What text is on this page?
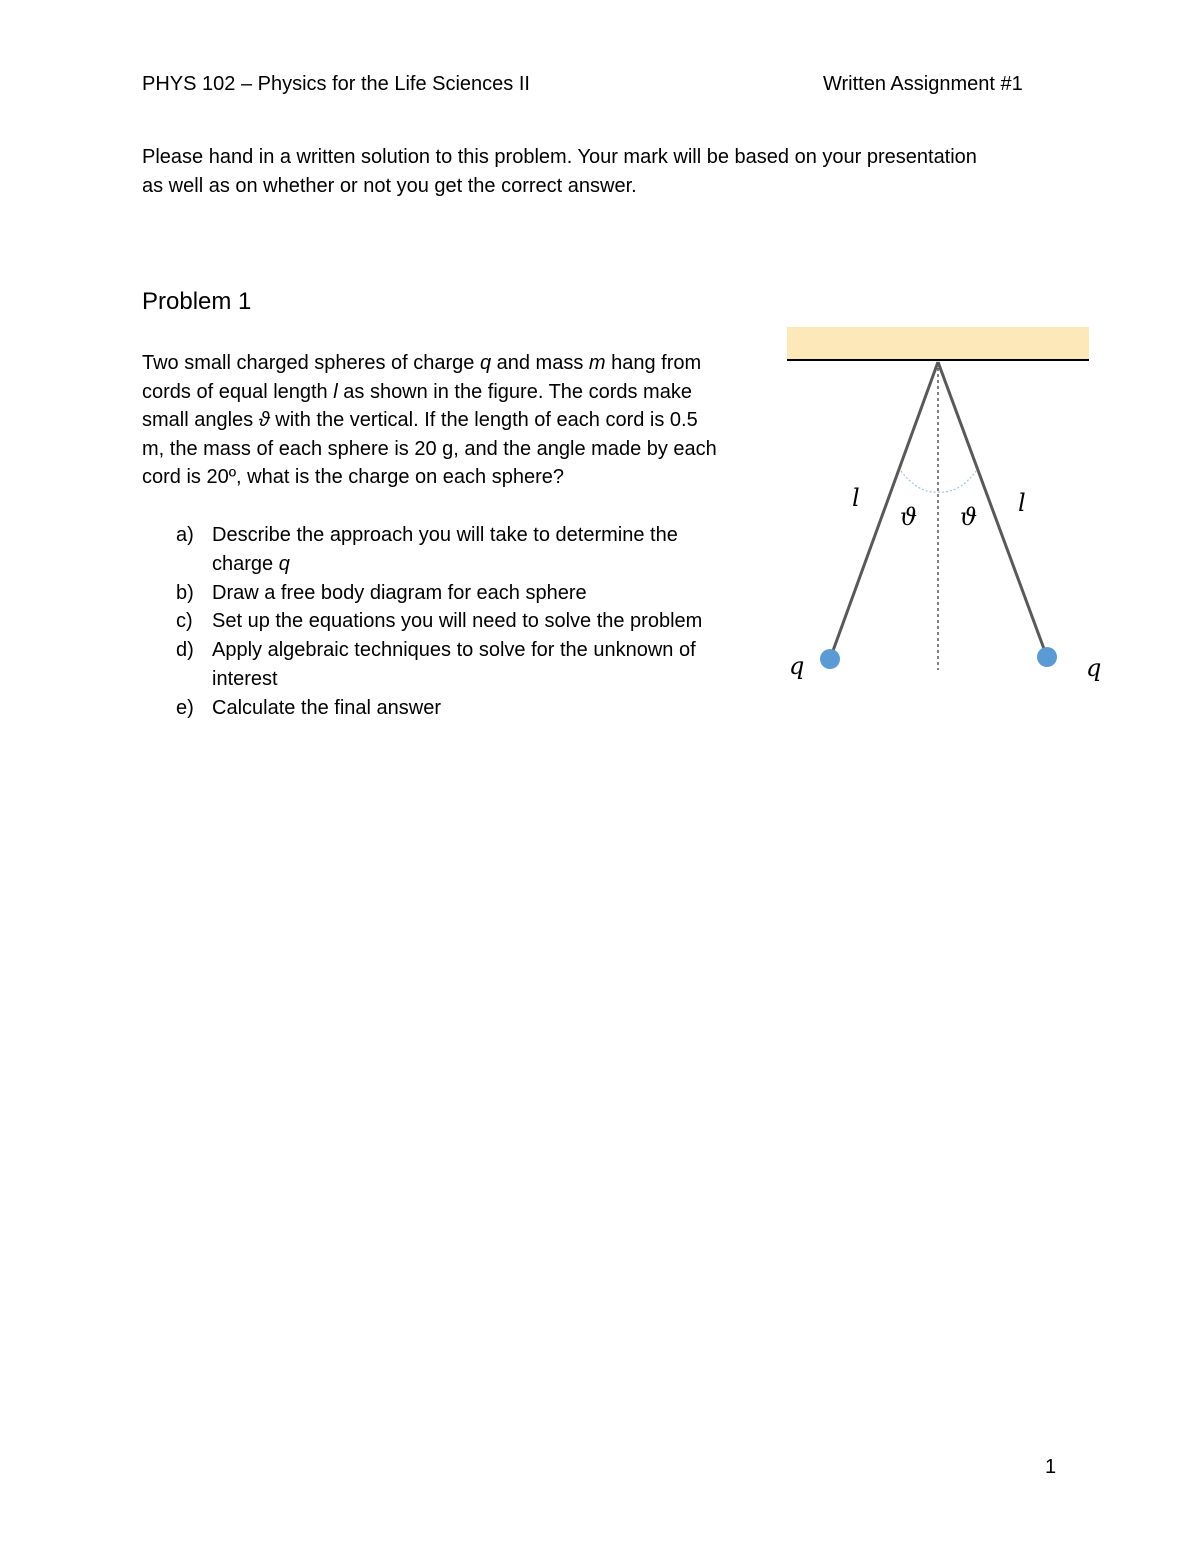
PHYS 102 – Physics for the Life Sciences II	Written Assignment #1
Please hand in a written solution to this problem. Your mark will be based on your presentation
as well as on whether or not you get the correct answer.
Problem 1
Two small charged spheres of charge q and mass m hang from
cords of equal length l as shown in the figure. The cords make
small angles ϑ with the vertical. If the length of each cord is 0.5
m, the mass of each sphere is 20 g, and the angle made by each
cord is 20º, what is the charge on each sphere?
a) Describe the approach you will take to determine the
charge q
b) Draw a free body diagram for each sphere
c) Set up the equations you will need to solve the problem
d) Apply algebraic techniques to solve for the unknown of
interest
e) Calculate the final answer
l	l
ϑ ϑ
q	q
1
